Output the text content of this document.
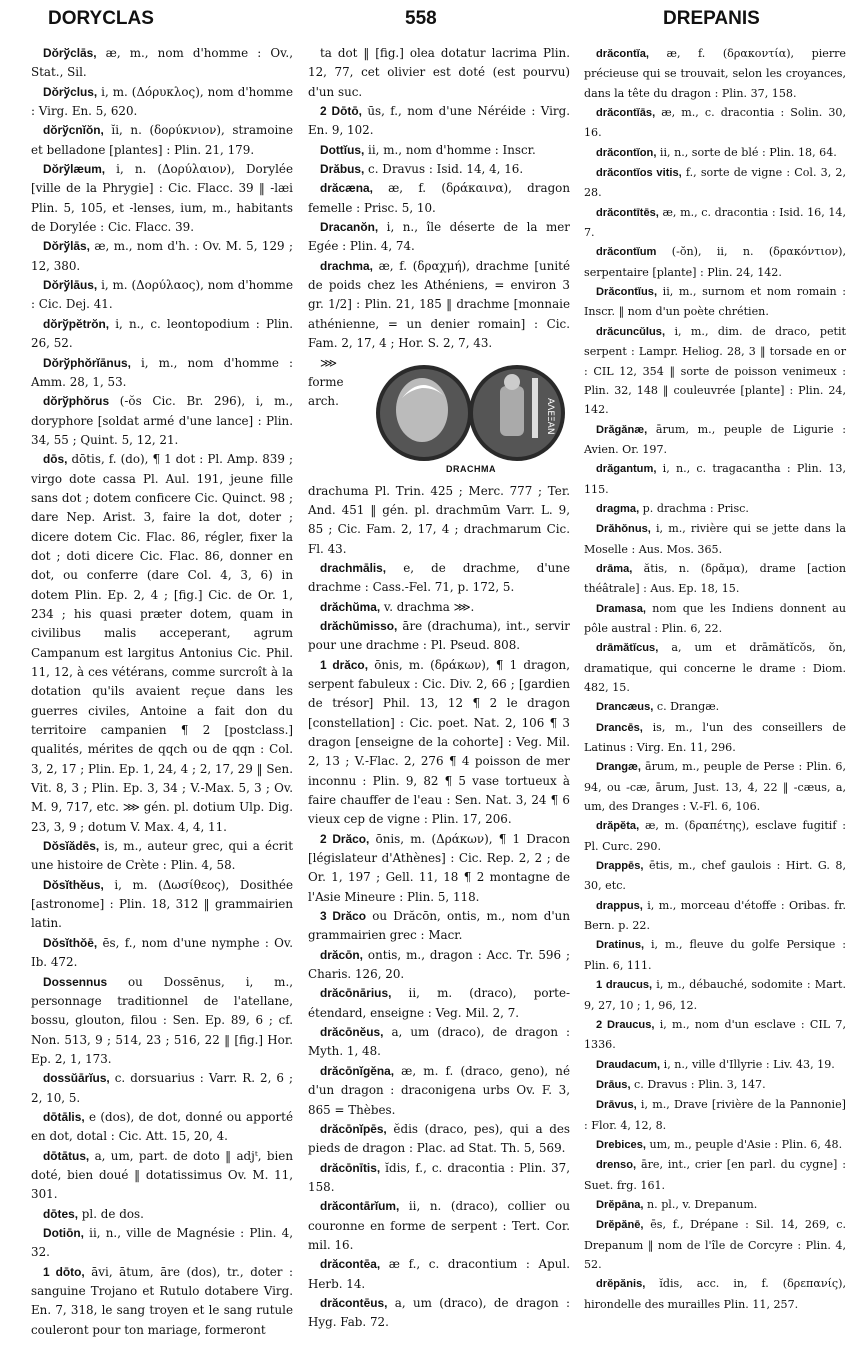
DORYCLAS	558	DREPANIS

Dŏrўclās, æ, m., nom d'homme : Ov., Stat., Sil.

Dŏrўclus, i, m. (Δόρυκλος), nom d'homme : Virg. En. 5, 620.

dŏrўcnĭŏn, ĭi, n. (δορύκνιον), stramoine et belladone [plantes] : Plin. 21, 179.

Dŏrўlæum, i, n. (Δορύλαιον), Dorylée [ville de la Phrygie] : Cic. Flacc. 39 ‖ -læi Plin. 5, 105, et -lenses, ium, m., habitants de Dorylée : Cic. Flacc. 39.

Dŏrўlās, æ, m., nom d'h. : Ov. M. 5, 129 ; 12, 380.

Dŏrўlāus, i, m. (Δορύλαος), nom d'homme : Cic. Dej. 41.

dŏrўpĕtrŏn, i, n., c. leontopodium : Plin. 26, 52.

Dŏrўphŏrĭānus, i, m., nom d'homme : Amm. 28, 1, 53.

dŏrўphŏrus (-ŏs Cic. Br. 296), i, m., doryphore [soldat armé d'une lance] : Plin. 34, 55 ; Quint. 5, 12, 21.

dōs, dōtis, f. (do), ¶ 1 dot : Pl. Amp. 839 ; virgo dote cassa Pl. Aul. 191, jeune fille sans dot ; dotem conficere Cic. Quinct. 98 ; dare Nep. Arist. 3, faire la dot, doter ; dicere dotem Cic. Flac. 86, régler, fixer la dot ; doti dicere Cic. Flac. 86, donner en dot, ou conferre (dare Col. 4, 3, 6) in dotem Plin. Ep. 2, 4 ; [fig.] Cic. de Or. 1, 234 ; his quasi præter dotem, quam in civilibus malis acceperant, agrum Campanum est largitus Antonius Cic. Phil. 11, 12, à ces vétérans, comme surcroît à la dotation qu'ils avaient reçue dans les guerres civiles, Antoine a fait don du territoire campanien ¶ 2 [postclass.] qualités, mérites de qqch ou de qqn : Col. 3, 2, 17 ; Plin. Ep. 1, 24, 4 ; 2, 17, 29 ‖ Sen. Vit. 8, 3 ; Plin. Ep. 3, 34 ; V.-Max. 5, 3 ; Ov. M. 9, 717, etc. ⋙ gén. pl. dotium Ulp. Dig. 23, 3, 9 ; dotum V. Max. 4, 4, 11.

Dŏsĭădēs, is, m., auteur grec, qui a écrit une histoire de Crète : Plin. 4, 58.

Dŏsĭthĕus, i, m. (Δωσίθεος), Dosithée [astronome] : Plin. 18, 312 ‖ grammairien latin.

Dŏsĭthŏē, ēs, f., nom d'une nymphe : Ov. Ib. 472.

Dossennus ou Dossēnus, i, m., personnage traditionnel de l'atellane, bossu, glouton, filou : Sen. Ep. 89, 6 ; cf. Non. 513, 9 ; 514, 23 ; 516, 22 ‖ [fig.] Hor. Ep. 2, 1, 173.

dossŭārĭus, c. dorsuarius : Varr. R. 2, 6 ; 2, 10, 5.

dōtālis, e (dos), de dot, donné ou apporté en dot, dotal : Cic. Att. 15, 20, 4.

dōtātus, a, um, part. de doto ‖ adjᵗ, bien doté, bien doué ‖ dotatissimus Ov. M. 11, 301.

dōtes, pl. de dos.

Dotiōn, ii, n., ville de Magnésie : Plin. 4, 32.

1 dōto, āvi, ātum, āre (dos), tr., doter : sanguine Trojano et Rutulo dotabere Virg. En. 7, 318, le sang troyen et le sang rutule couleront pour ton mariage, formeront

ta dot ‖ [fig.] olea dotatur lacrima Plin. 12, 77, cet olivier est doté (est pourvu) d'un suc.

2 Dōtō, ūs, f., nom d'une Néréide : Virg. En. 9, 102.

Dottĭus, ii, m., nom d'homme : Inscr.

Drăbus, c. Dravus : Isid. 14, 4, 16.

drăcæna, æ, f. (δράκαινα), dragon femelle : Prisc. 5, 10.

Dracanŏn, i, n., île déserte de la mer Egée : Plin. 4, 74.

drachma, æ, f. (δραχμή), drachme [unité de poids chez les Athéniens, = environ 3 gr. 1/2] : Plin. 21, 185 ‖ drachme [monnaie athénienne, = un denier romain] : Cic. Fam. 2, 17, 4 ; Hor. S. 2, 7, 43.

ΑΛΕΞΑΝ
DRACHMA

⋙ forme arch. drachuma Pl. Trin. 425 ; Merc. 777 ; Ter. And. 451 ‖ gén. pl. drachmūm Varr. L. 9, 85 ; Cic. Fam. 2, 17, 4 ; drachmarum Cic. Fl. 43.

drachmālis, e, de drachme, d'une drachme : Cass.-Fel. 71, p. 172, 5.

drăchŭma, v. drachma ⋙.

drăchŭmisso, āre (drachuma), int., servir pour une drachme : Pl. Pseud. 808.

1 drăco, ōnis, m. (δράκων), ¶ 1 dragon, serpent fabuleux : Cic. Div. 2, 66 ; [gardien de trésor] Phil. 13, 12 ¶ 2 le dragon [constellation] : Cic. poet. Nat. 2, 106 ¶ 3 dragon [enseigne de la cohorte] : Veg. Mil. 2, 13 ; V.-Flac. 2, 276 ¶ 4 poisson de mer inconnu : Plin. 9, 82 ¶ 5 vase tortueux à faire chauffer de l'eau : Sen. Nat. 3, 24 ¶ 6 vieux cep de vigne : Plin. 17, 206.

2 Drăco, ōnis, m. (Δράκων), ¶ 1 Dracon [législateur d'Athènes] : Cic. Rep. 2, 2 ; de Or. 1, 197 ; Gell. 11, 18 ¶ 2 montagne de l'Asie Mineure : Plin. 5, 118.

3 Drăco ou Drăcōn, ontis, m., nom d'un grammairien grec : Macr.

drăcōn, ontis, m., dragon : Acc. Tr. 596 ; Charis. 126, 20.

drăcōnārius, ii, m. (draco), porte-étendard, enseigne : Veg. Mil. 2, 7.

drăcōnĕus, a, um (draco), de dragon : Myth. 1, 48.

drăcōnĭgĕna, æ, m. f. (draco, geno), né d'un dragon : draconigena urbs Ov. F. 3, 865 = Thèbes.

drăcōnĭpēs, ĕdis (draco, pes), qui a des pieds de dragon : Plac. ad Stat. Th. 5, 569.

drăcōnītis, ĭdis, f., c. dracontia : Plin. 37, 158.

drăcontārĭum, ii, n. (draco), collier ou couronne en forme de serpent : Tert. Cor. mil. 16.

drăcontēa, æ f., c. dracontium : Apul. Herb. 14.

drăcontēus, a, um (draco), de dragon : Hyg. Fab. 72.

drăcontĭa, æ, f. (δρακοντία), pierre précieuse qui se trouvait, selon les croyances, dans la tête du dragon : Plin. 37, 158.

drăcontĭās, æ, m., c. dracontia : Solin. 30, 16.

drăcontĭon, ii, n., sorte de blé : Plin. 18, 64.

drăcontĭos vitis, f., sorte de vigne : Col. 3, 2, 28.

drăcontītēs, æ, m., c. dracontia : Isid. 16, 14, 7.

drăcontĭum (-ŏn), ii, n. (δρακόντιον), serpentaire [plante] : Plin. 24, 142.

Drăcontĭus, ii, m., surnom et nom romain : Inscr. ‖ nom d'un poète chrétien.

drăcuncŭlus, i, m., dim. de draco, petit serpent : Lampr. Heliog. 28, 3 ‖ torsade en or : CIL 12, 354 ‖ sorte de poisson venimeux : Plin. 32, 148 ‖ couleuvrée [plante] : Plin. 24, 142.

Drăgănæ, ārum, m., peuple de Ligurie : Avien. Or. 197.

drăgantum, i, n., c. tragacantha : Plin. 13, 115.

dragma, p. drachma : Prisc.

Drăhŏnus, i, m., rivière qui se jette dans la Moselle : Aus. Mos. 365.

drāma, ătis, n. (δρᾶμα), drame [action théâtrale] : Aus. Ep. 18, 15.

Dramasa, nom que les Indiens donnent au pôle austral : Plin. 6, 22.

drāmătĭcus, a, um et drāmătĭcŏs, ŏn, dramatique, qui concerne le drame : Diom. 482, 15.

Drancæus, c. Drangæ.

Drancēs, is, m., l'un des conseillers de Latinus : Virg. En. 11, 296.

Drangæ, ārum, m., peuple de Perse : Plin. 6, 94, ou -cæ, ārum, Just. 13, 4, 22 ‖ -cæus, a, um, des Dranges : V.-Fl. 6, 106.

drăpĕta, æ, m. (δραπέτης), esclave fugitif : Pl. Curc. 290.

Drappēs, ētis, m., chef gaulois : Hirt. G. 8, 30, etc.

drappus, i, m., morceau d'étoffe : Oribas. fr. Bern. p. 22.

Dratinus, i, m., fleuve du golfe Persique : Plin. 6, 111.

1 draucus, i, m., débauché, sodomite : Mart. 9, 27, 10 ; 1, 96, 12.

2 Draucus, i, m., nom d'un esclave : CIL 7, 1336.

Draudacum, i, n., ville d'Illyrie : Liv. 43, 19.

Drāus, c. Dravus : Plin. 3, 147.

Drāvus, i, m., Drave [rivière de la Pannonie] : Flor. 4, 12, 8.

Drebices, um, m., peuple d'Asie : Plin. 6, 48.

drenso, āre, int., crier [en parl. du cygne] : Suet. frg. 161.

Drĕpāna, n. pl., v. Drepanum.

Drĕpănē, ēs, f., Drépane : Sil. 14, 269, c. Drepanum ‖ nom de l'île de Corcyre : Plin. 4, 52.

drĕpănis, ĭdis, acc. in, f. (δρεπανίς), hirondelle des murailles Plin. 11, 257.
